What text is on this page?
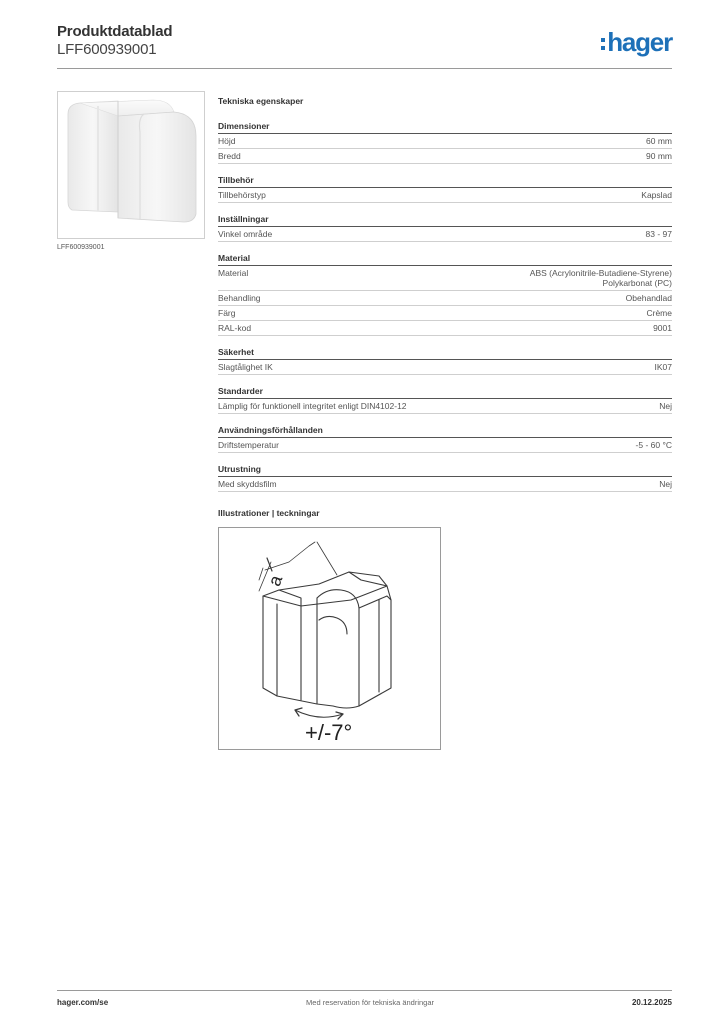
Produktdatablad
LFF600939001	hager
LFF600939001
Tekniska egenskaper
Dimensioner
Höjd	60 mm
Bredd	90 mm
Tillbehör
Tillbehörstyp	Kapslad
Inställningar
Vinkel område	83 - 97
Material
Material	ABS (Acrylonitrile-Butadiene-Styrene)
Polykarbonat (PC)
Behandling	Obehandlad
Färg	Crème
RAL-kod	9001
Säkerhet
Slagtålighet IK	IK07
Standarder
Lämplig för funktionell integritet enligt DIN4102-12	Nej
Användningsförhållanden
Driftstemperatur	-5 - 60 °C
Utrustning
Med skyddsfilm	Nej
Illustrationer | teckningar
a
+/-7°
hager.com/se	Med reservation för tekniska ändringar	20.12.2025
